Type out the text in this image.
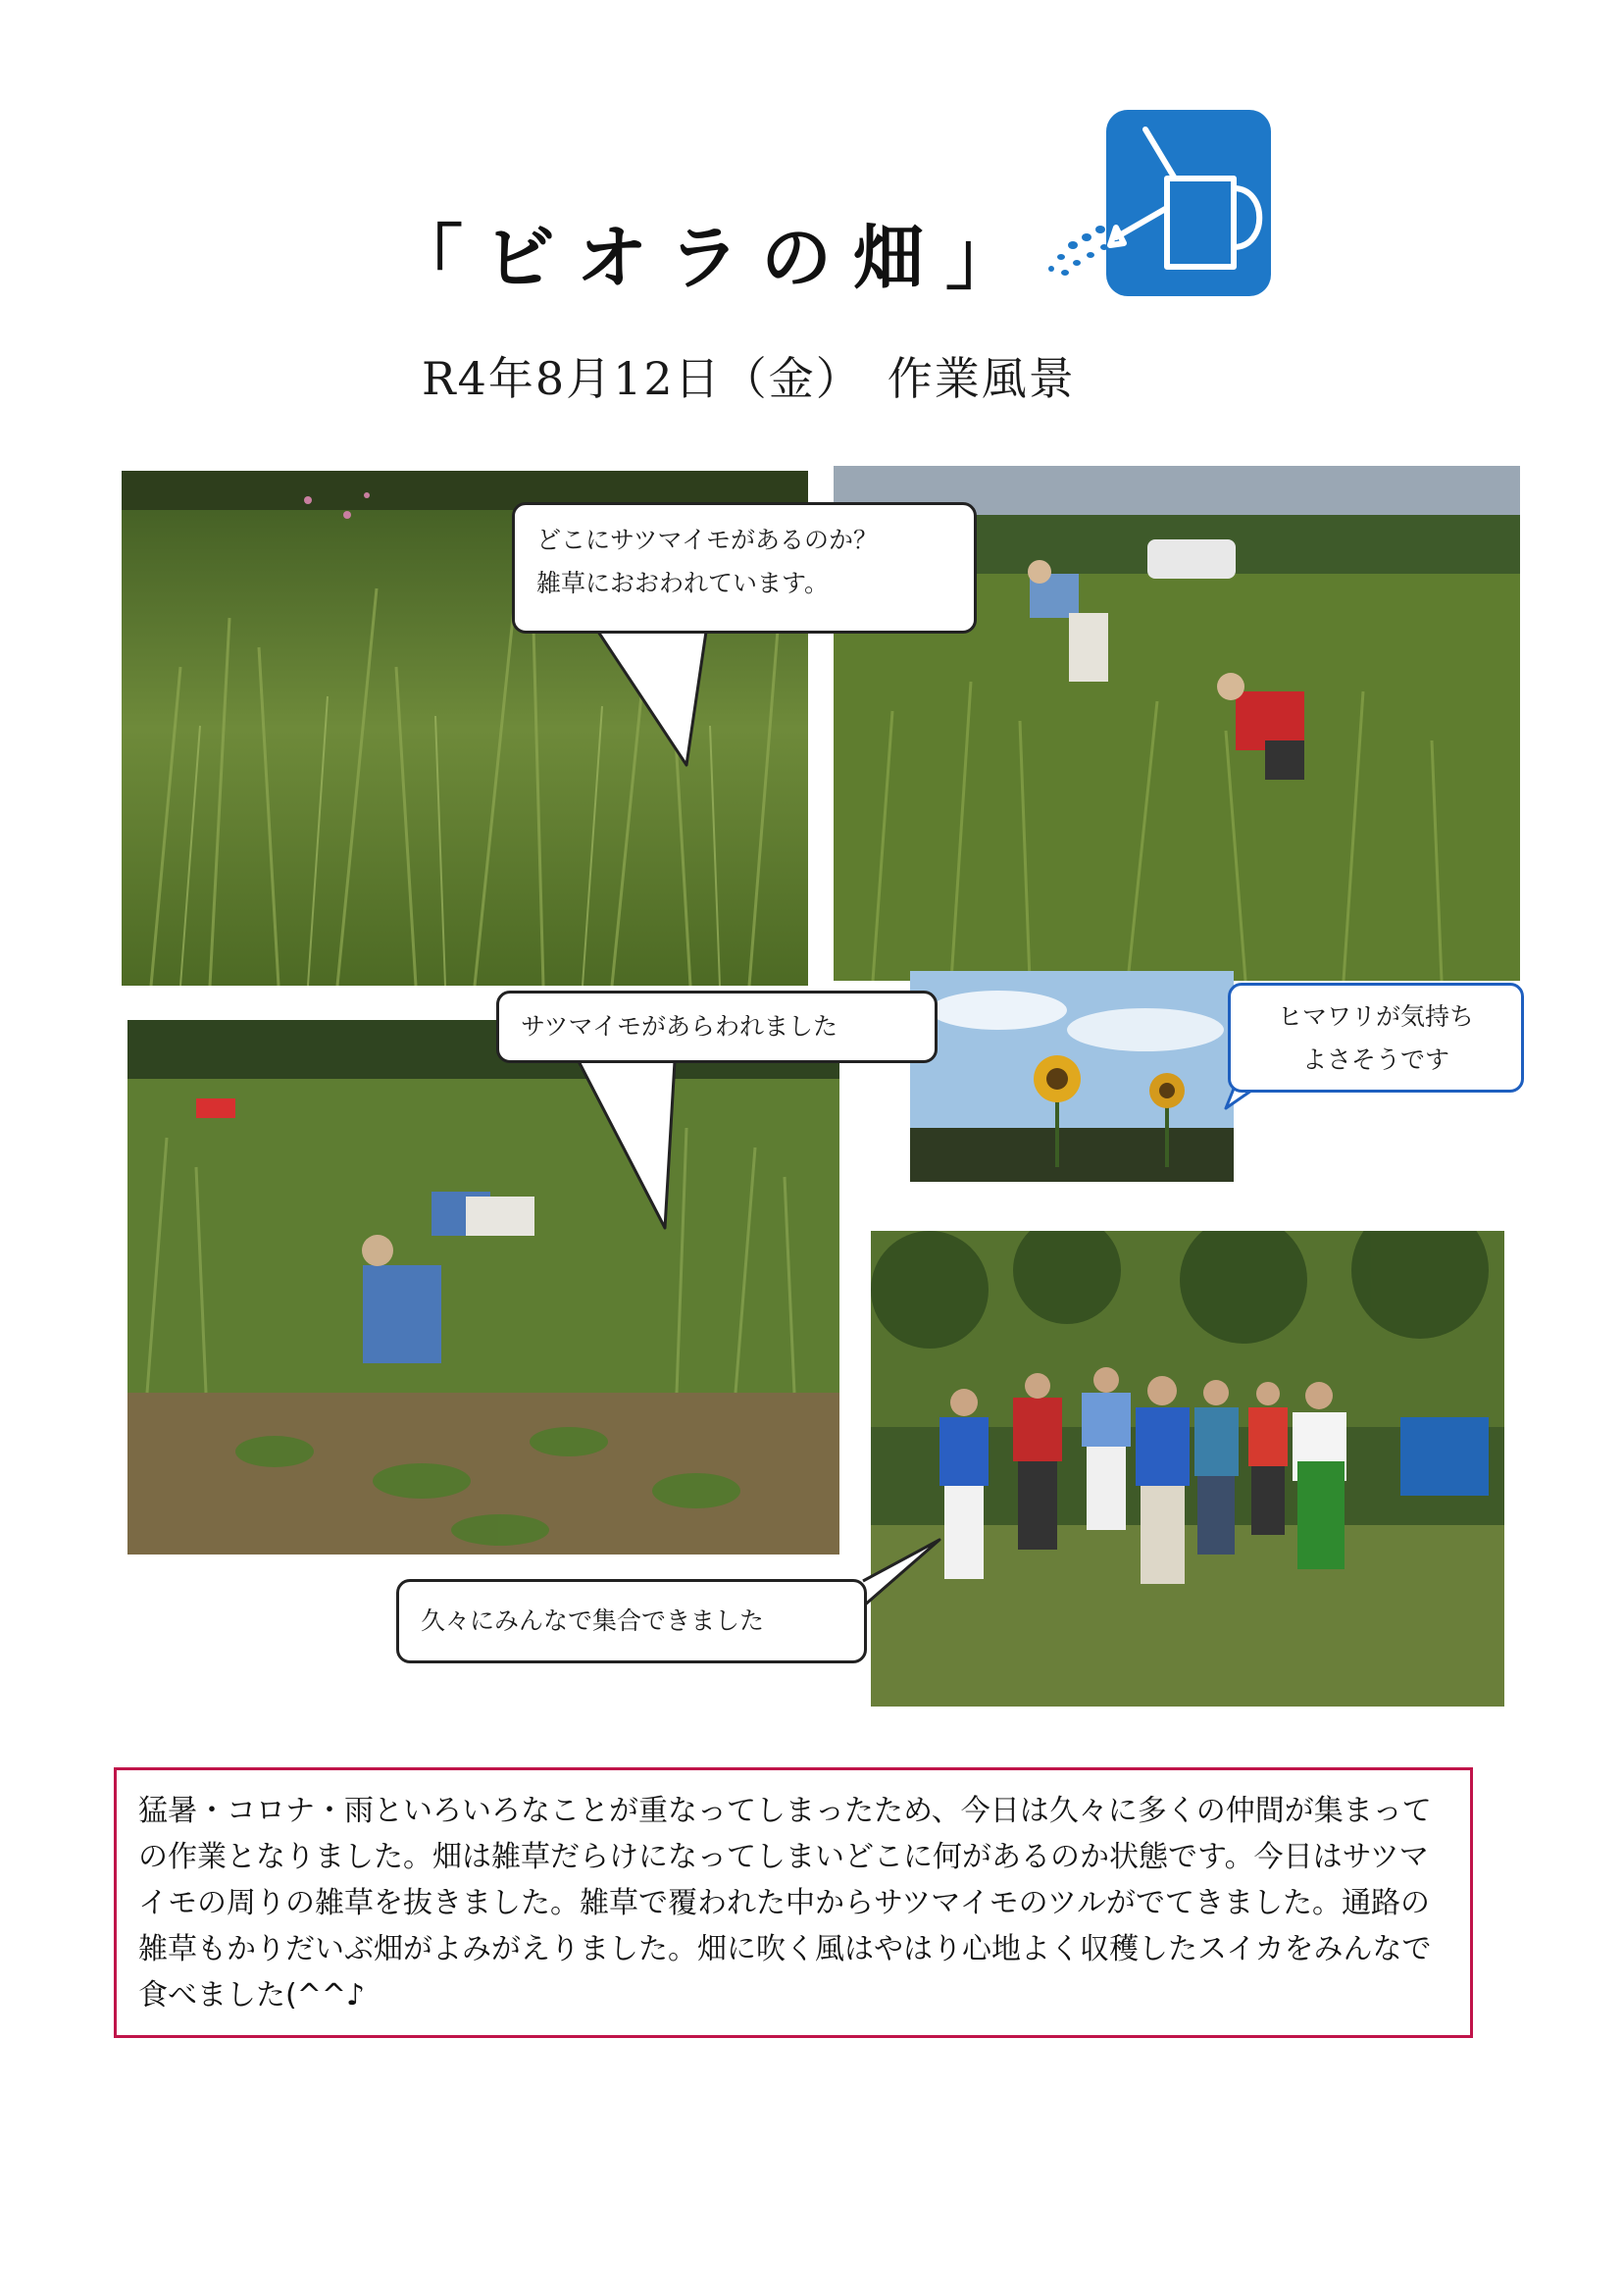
「ビオラの畑」
R4年8月12日（金）　作業風景
どこにサツマイモがあるのか？
雑草におおわれています。
サツマイモがあらわれました	ヒマワリが気持ち
よさそうです
久々にみんなで集合できました
猛暑・コロナ・雨といろいろなことが重なってしまったため、今日は久々に多くの仲間が集まっての作業となりました。畑は雑草だらけになってしまいどこに何があるのか状態です。今日はサツマイモの周りの雑草を抜きました。雑草で覆われた中からサツマイモのツルがでてきました。通路の雑草もかりだいぶ畑がよみがえりました。畑に吹く風はやはり心地よく収穫したスイカをみんなで食べました(^^♪
